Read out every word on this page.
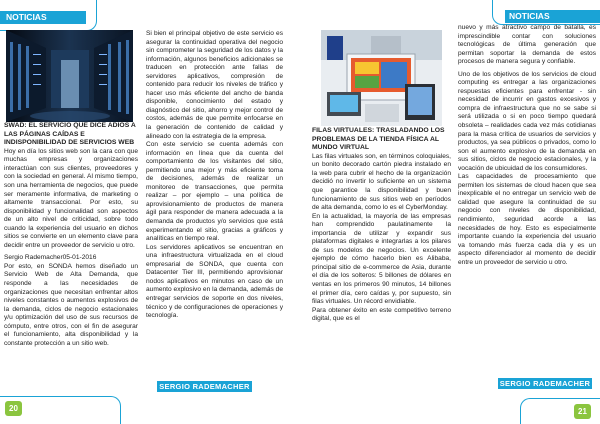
NOTICIAS	NOTICIAS

SWAD: EL SERVICIO QUE DICE ADIÓS A LAS PÁGINAS CAÍDAS E INDISPONIBILIDAD DE SERVICIOS WEB

Hoy en día los sitios web son la cara con que muchas empresas y organizaciones interactúan con sus clientes, proveedores y con la sociedad en general. Al mismo tiempo, son una herramienta de negocios, que puede ser meramente informativa, de marketing o altamente transaccional. Por esto, su disponibilidad y funcionalidad son aspectos de un alto nivel de criticidad, sobre todo cuando la experiencia del usuario en dichos sitios se convierte en un elemento clave para decidir entre un proveedor de servicio u otro.

Sergio Rademacher05-01-2016

Por esto, en SONDA hemos diseñado un Servicio Web de Alta Demanda, que responde a las necesidades de organizaciones que necesitan enfrentar altos niveles constantes o aumentos explosivos de la demanda, ciclos de negocio estacionales y/u optimización del uso de sus recursos de cómputo, entre otros, con el fin de asegurar el funcionamiento, alta disponibilidad y la constante protección a un sitio web.

Si bien el principal objetivo de este servicio es asegurar la continuidad operativa del negocio sin comprometer la seguridad de los datos y la información, algunos beneficios adicionales se traducen en protección ante fallas de servidores aplicativos, compresión de contenido para reducir los niveles de tráfico y hacer uso más eficiente del ancho de banda disponible, conocimiento del estado y diagnóstico del sitio, ahorro y mejor control de costos, además de que permite enfocarse en la generación de contenido de calidad y alineado con la estrategia de la empresa.

Con este servicio se cuenta además con información en línea que da cuenta del comportamiento de los visitantes del sitio, permitiendo una mejor y más eficiente toma de decisiones, además de realizar un monitoreo de transacciones, que permita realizar – por ejemplo – una política de aprovisionamiento de productos de manera ágil para responder de manera adecuada a la demanda de productos y/o servicios que está experimentando el sitio, gracias a gráficos y analíticas en tiempo real.

Los servidores aplicativos se encuentran en una infraestructura virtualizada en el cloud empresarial de SONDA, que cuenta con Datacenter Tier III, permitiendo aprovisionar nodos aplicativos en minutos en caso de un aumento explosivo en la demanda, además de entregar servicios de soporte en dos niveles, técnico y de configuraciones de operaciones y tecnología.

SERGIO RADEMACHER

FILAS VIRTUALES: TRASLADANDO LOS PROBLEMAS DE LA TIENDA FÍSICA AL MUNDO VIRTUAL

Las filas virtuales son, en términos coloquiales, un bonito decorado cartón piedra instalado en la web para cubrir el hecho de la organización decidió no invertir lo suficiente en un sistema que garantice la disponibilidad y buen funcionamiento de sus sitios web en períodos de alta demanda, como lo es el CyberMonday.

En la actualidad, la mayoría de las empresas han comprendido paulatinamente la importancia de utilizar y expandir sus plataformas digitales e integrarlas a los pilares de sus modelos de negocios. Un excelente ejemplo de cómo hacerlo bien es Alibaba, principal sitio de e-commerce de Asia, durante el día de los solteros: 5 billones de dólares en ventas en los primeros 90 minutos, 14 billones el primer día, cero caídas y, por supuesto, sin filas virtuales. Un récord envidiable.

Para obtener éxito en este competitivo terreno digital, que es el

nuevo y más atractivo campo de batalla, es imprescindible contar con soluciones tecnológicas de última generación que permitan soportar la demanda de estos procesos de manera segura y confiable.

Uno de los objetivos de los servicios de cloud computing es entregar a las organizaciones respuestas eficientes para enfrentar - sin necesidad de incurrir en gastos excesivos y compra de infraestructura que no se sabe si será utilizada o si en poco tiempo quedará obsoleta – realidades cada vez más cotidianas para la masa crítica de usuarios de servicios y productos, ya sea públicos o privados, como lo son el aumento explosivo de la demanda en sus sitios, ciclos de negocio estacionales, y la vocación de ubicuidad de los consumidores.

Las capacidades de procesamiento que permiten los sistemas de cloud hacen que sea inexplicable el no entregar un servicio web de calidad que asegure la continuidad de su negocio con niveles de disponibilidad, rendimiento, seguridad acorde a las necesidades de hoy. Esto es especialmente importante cuando la experiencia del usuario va tomando más fuerza cada día y es un aspecto diferenciador al momento de decidir entre un proveedor de servicio u otro.

SERGIO RADEMACHER
20	21
